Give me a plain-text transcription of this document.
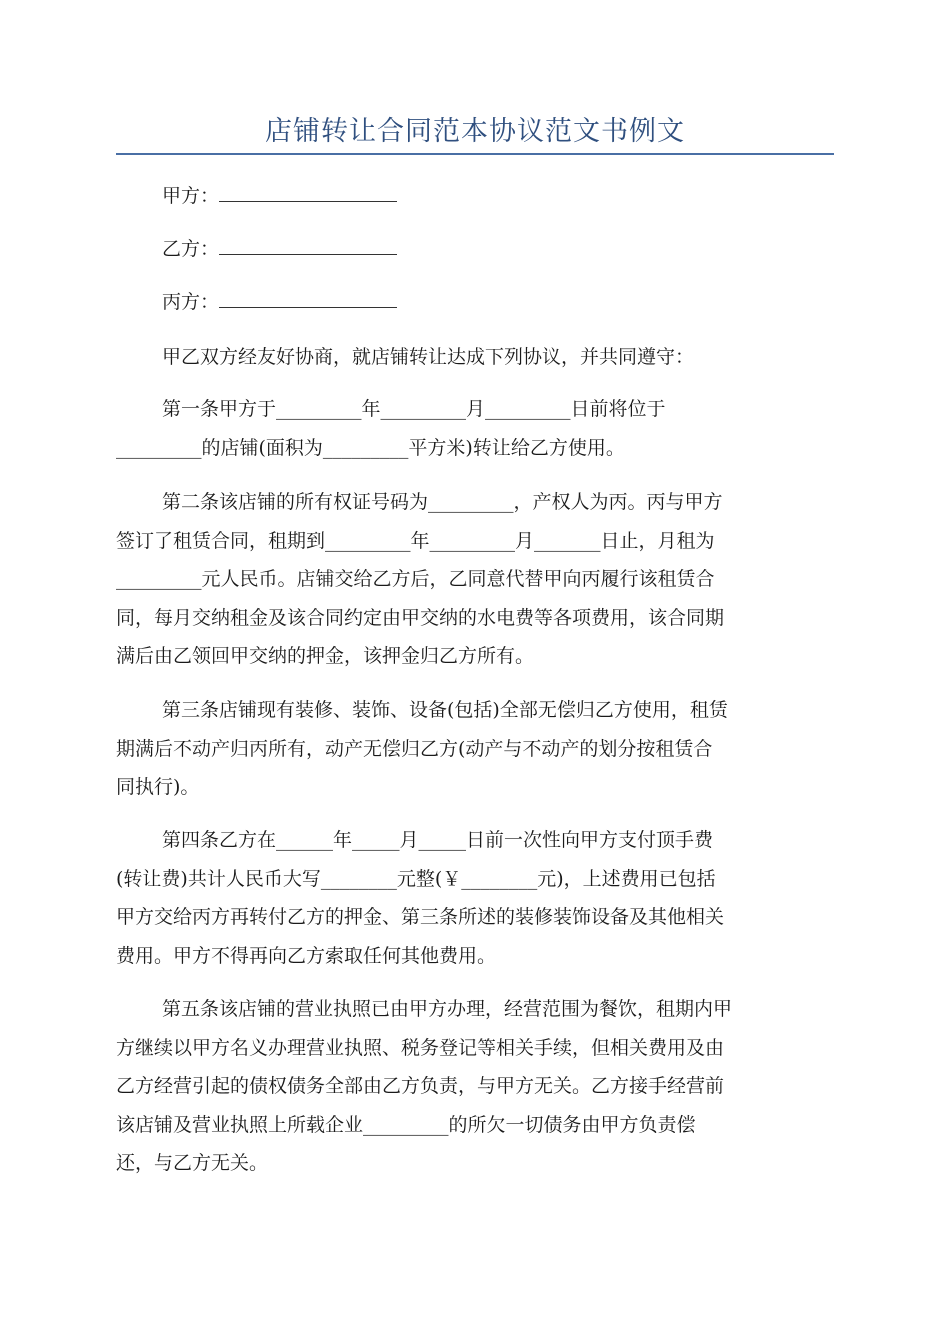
店铺转让合同范本协议范文书例文
甲方：
乙方：
丙方：
甲乙双方经友好协商，就店铺转让达成下列协议，并共同遵守：
第一条甲方于_________年_________月_________日前将位于
_________的店铺(面积为_________平方米)转让给乙方使用。
第二条该店铺的所有权证号码为_________，产权人为丙。丙与甲方
签订了租赁合同，租期到_________年_________月_______日止，月租为
_________元人民币。店铺交给乙方后，乙同意代替甲向丙履行该租赁合
同，每月交纳租金及该合同约定由甲交纳的水电费等各项费用，该合同期
满后由乙领回甲交纳的押金，该押金归乙方所有。
第三条店铺现有装修、装饰、设备(包括)全部无偿归乙方使用，租赁
期满后不动产归丙所有，动产无偿归乙方(动产与不动产的划分按租赁合
同执行)。
第四条乙方在______年_____月_____日前一次性向甲方支付顶手费
(转让费)共计人民币大写________元整(￥________元)，上述费用已包括
甲方交给丙方再转付乙方的押金、第三条所述的装修装饰设备及其他相关
费用。甲方不得再向乙方索取任何其他费用。
第五条该店铺的营业执照已由甲方办理，经营范围为餐饮，租期内甲
方继续以甲方名义办理营业执照、税务登记等相关手续，但相关费用及由
乙方经营引起的债权债务全部由乙方负责，与甲方无关。乙方接手经营前
该店铺及营业执照上所载企业_________的所欠一切债务由甲方负责偿
还，与乙方无关。
